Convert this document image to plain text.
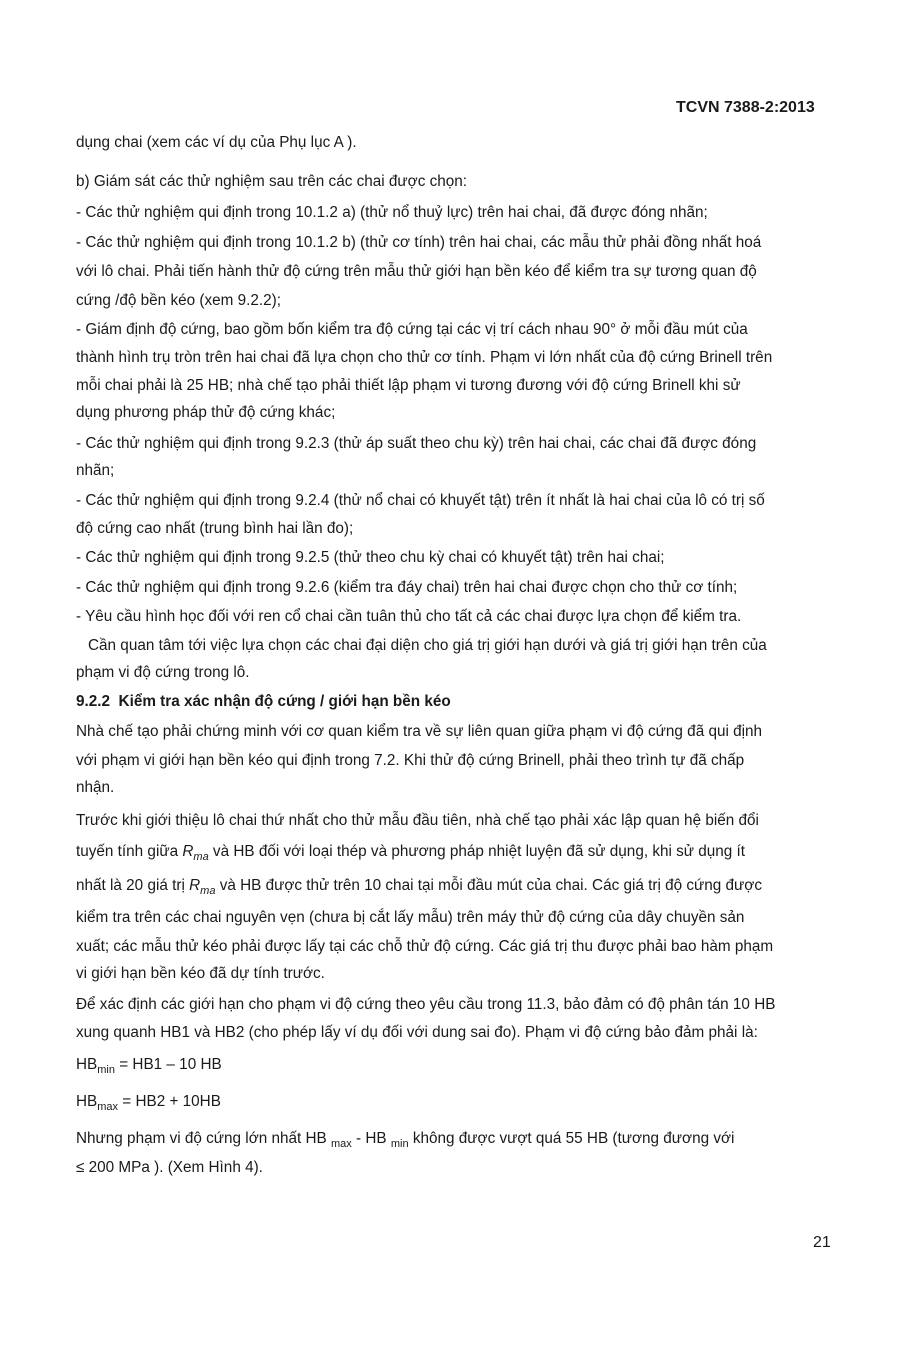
TCVN 7388-2:2013
dụng chai (xem các ví dụ của Phụ lục A ).
b) Giám sát các thử nghiệm sau trên các chai được chọn:
- Các thử nghiệm qui định trong 10.1.2 a) (thử nổ thuỷ lực) trên hai chai, đã được đóng nhãn;
- Các thử nghiệm qui định trong 10.1.2 b) (thử cơ tính) trên hai chai, các mẫu thử phải đồng nhất hoá
với lô chai. Phải tiến hành thử độ cứng trên mẫu thử giới hạn bền kéo để kiểm tra sự tương quan độ
cứng /độ bền kéo (xem 9.2.2);
- Giám định độ cứng, bao gồm bốn kiểm tra độ cứng tại các vị trí cách nhau 90° ở mỗi đầu mút của
thành hình trụ tròn trên hai chai đã lựa chọn cho thử cơ tính. Phạm vi lớn nhất của độ cứng Brinell trên
mỗi chai phải là 25 HB; nhà chế tạo phải thiết lập phạm vi tương đương với độ cứng Brinell khi sử
dụng phương pháp thử độ cứng khác;
- Các thử nghiệm qui định trong 9.2.3 (thử áp suất theo chu kỳ) trên hai chai, các chai đã được đóng
nhãn;
- Các thử nghiệm qui định trong 9.2.4 (thử nổ chai có khuyết tật) trên ít nhất là hai chai của lô có trị số
độ cứng cao nhất (trung bình hai lần đo);
- Các thử nghiệm qui định trong 9.2.5 (thử theo chu kỳ chai có khuyết tật) trên hai chai;
- Các thử nghiệm qui định trong 9.2.6 (kiểm tra đáy chai) trên hai chai được chọn cho thử cơ tính;
- Yêu cầu hình học đối với ren cổ chai cần tuân thủ cho tất cả các chai được lựa chọn để kiểm tra.
Cần quan tâm tới việc lựa chọn các chai đại diện cho giá trị giới hạn dưới và giá trị giới hạn trên của
phạm vi độ cứng trong lô.
9.2.2 Kiểm tra xác nhận độ cứng / giới hạn bền kéo
Nhà chế tạo phải chứng minh với cơ quan kiểm tra về sự liên quan giữa phạm vi độ cứng đã qui định
với phạm vi giới hạn bền kéo qui định trong 7.2. Khi thử độ cứng Brinell, phải theo trình tự đã chấp
nhận.
Trước khi giới thiệu lô chai thứ nhất cho thử mẫu đầu tiên, nhà chế tạo phải xác lập quan hệ biến đổi
tuyến tính giữa $R_{ma}$ và HB đối với loại thép và phương pháp nhiệt luyện đã sử dụng, khi sử dụng ít
nhất là 20 giá trị $R_{ma}$ và HB được thử trên 10 chai tại mỗi đầu mút của chai. Các giá trị độ cứng được
kiểm tra trên các chai nguyên vẹn (chưa bị cắt lấy mẫu) trên máy thử độ cứng của dây chuyền sản
xuất; các mẫu thử kéo phải được lấy tại các chỗ thử độ cứng. Các giá trị thu được phải bao hàm phạm
vi giới hạn bền kéo đã dự tính trước.
Để xác định các giới hạn cho phạm vi độ cứng theo yêu cầu trong 11.3, bảo đảm có độ phân tán 10 HB
xung quanh HB1 và HB2 (cho phép lấy ví dụ đối với dung sai đo). Phạm vi độ cứng bảo đảm phải là:
$HB_{min} = HB1 - 10$ HB
$HB_{max} = HB2 + 10HB$
Nhưng phạm vi độ cứng lớn nhất HB $_{max}$ - HB $_{min}$ không được vượt quá 55 HB (tương đương với
≤ 200 MPa ). (Xem Hình 4).
21
